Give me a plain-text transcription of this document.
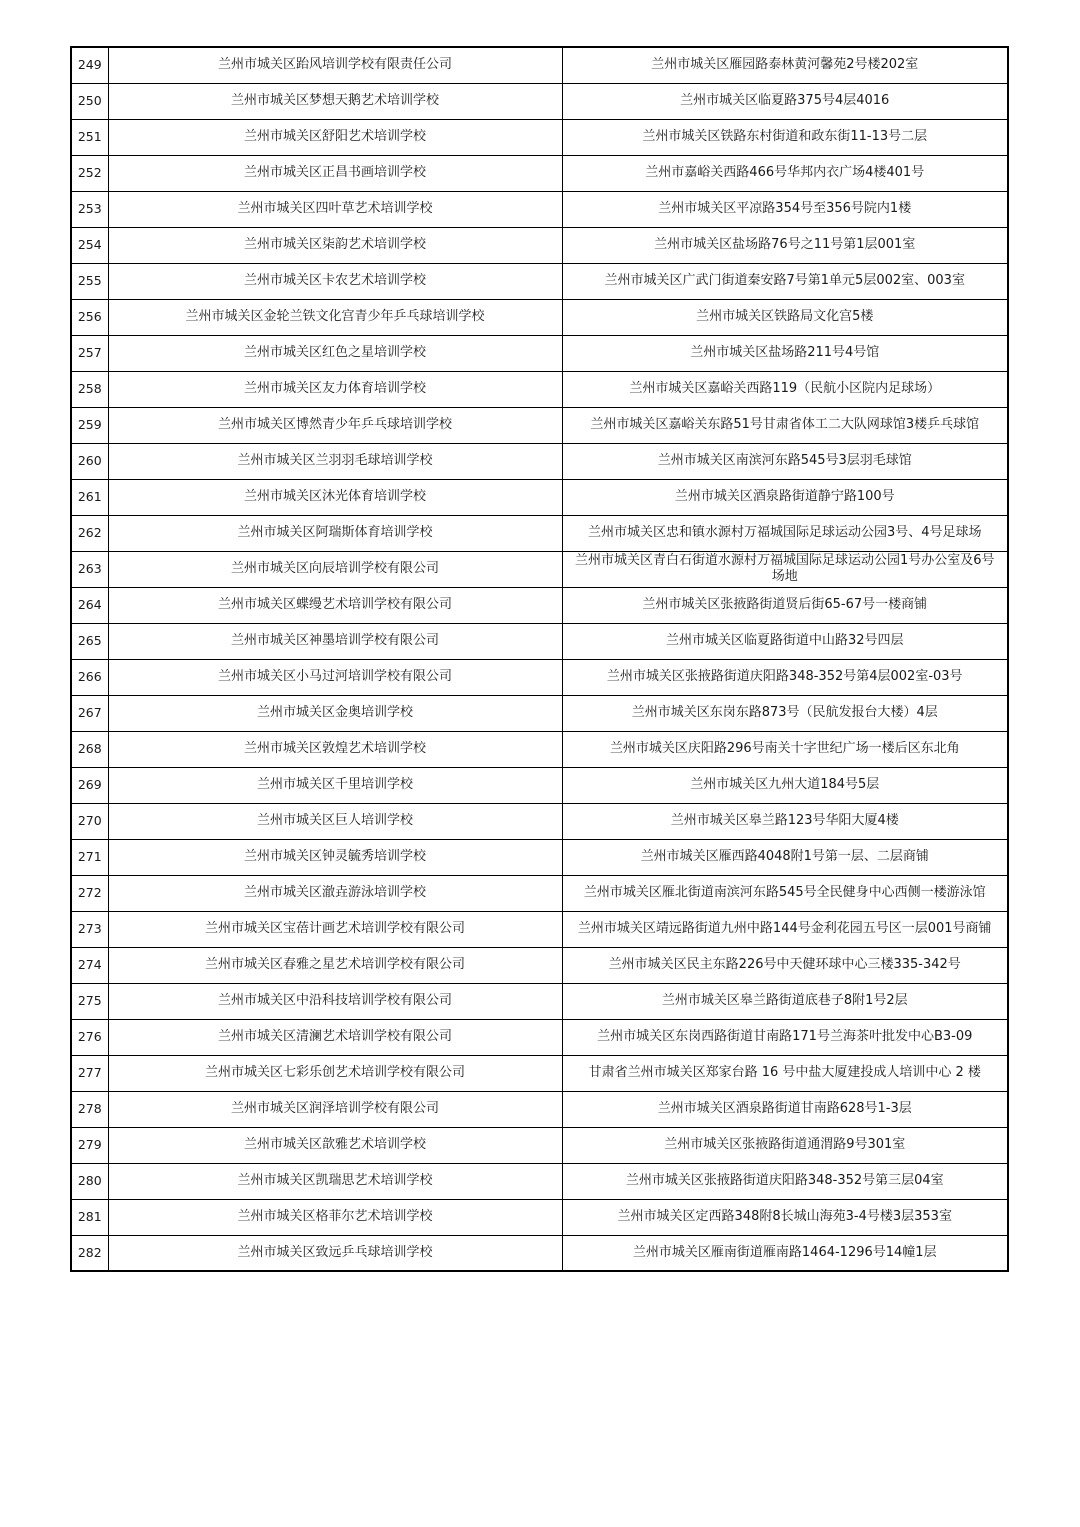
249	兰州市城关区跆风培训学校有限责任公司	兰州市城关区雁园路泰林黄河馨苑2号楼202室
250	兰州市城关区梦想天鹅艺术培训学校	兰州市城关区临夏路375号4层4016
251	兰州市城关区舒阳艺术培训学校	兰州市城关区铁路东村街道和政东街11-13号二层
252	兰州市城关区正昌书画培训学校	兰州市嘉峪关西路466号华邦内衣广场4楼401号
253	兰州市城关区四叶草艺术培训学校	兰州市城关区平凉路354号至356号院内1楼
254	兰州市城关区柒韵艺术培训学校	兰州市城关区盐场路76号之11号第1层001室
255	兰州市城关区卡农艺术培训学校	兰州市城关区广武门街道秦安路7号第1单元5层002室、003室
256	兰州市城关区金轮兰铁文化宫青少年乒乓球培训学校	兰州市城关区铁路局文化宫5楼
257	兰州市城关区红色之星培训学校	兰州市城关区盐场路211号4号馆
258	兰州市城关区友力体育培训学校	兰州市城关区嘉峪关西路119（民航小区院内足球场）
259	兰州市城关区博然青少年乒乓球培训学校	兰州市城关区嘉峪关东路51号甘肃省体工二大队网球馆3楼乒乓球馆
260	兰州市城关区兰羽羽毛球培训学校	兰州市城关区南滨河东路545号3层羽毛球馆
261	兰州市城关区沐光体育培训学校	兰州市城关区酒泉路街道静宁路100号
262	兰州市城关区阿瑞斯体育培训学校	兰州市城关区忠和镇水源村万福城国际足球运动公园3号、4号足球场
263	兰州市城关区向辰培训学校有限公司	兰州市城关区青白石街道水源村万福城国际足球运动公园1号办公室及6号场地
264	兰州市城关区蝶缦艺术培训学校有限公司	兰州市城关区张掖路街道贤后街65-67号一楼商铺
265	兰州市城关区神墨培训学校有限公司	兰州市城关区临夏路街道中山路32号四层
266	兰州市城关区小马过河培训学校有限公司	兰州市城关区张掖路街道庆阳路348-352号第4层002室-03号
267	兰州市城关区金奥培训学校	兰州市城关区东岗东路873号（民航发报台大楼）4层
268	兰州市城关区敦煌艺术培训学校	兰州市城关区庆阳路296号南关十字世纪广场一楼后区东北角
269	兰州市城关区千里培训学校	兰州市城关区九州大道184号5层
270	兰州市城关区巨人培训学校	兰州市城关区皋兰路123号华阳大厦4楼
271	兰州市城关区钟灵毓秀培训学校	兰州市城关区雁西路4048附1号第一层、二层商铺
272	兰州市城关区澈垚游泳培训学校	兰州市城关区雁北街道南滨河东路545号全民健身中心西侧一楼游泳馆
273	兰州市城关区宝蓓计画艺术培训学校有限公司	兰州市城关区靖远路街道九州中路144号金利花园五号区一层001号商铺
274	兰州市城关区春雅之星艺术培训学校有限公司	兰州市城关区民主东路226号中天健环球中心三楼335-342号
275	兰州市城关区中沿科技培训学校有限公司	兰州市城关区皋兰路街道底巷子8附1号2层
276	兰州市城关区清澜艺术培训学校有限公司	兰州市城关区东岗西路街道甘南路171号兰海茶叶批发中心B3-09
277	兰州市城关区七彩乐创艺术培训学校有限公司	甘肃省兰州市城关区郑家台路 16 号中盐大厦建投成人培训中心 2 楼
278	兰州市城关区润泽培训学校有限公司	兰州市城关区酒泉路街道甘南路628号1-3层
279	兰州市城关区歆雅艺术培训学校	兰州市城关区张掖路街道通渭路9号301室
280	兰州市城关区凯瑞思艺术培训学校	兰州市城关区张掖路街道庆阳路348-352号第三层04室
281	兰州市城关区格菲尔艺术培训学校	兰州市城关区定西路348附8长城山海苑3-4号楼3层353室
282	兰州市城关区致远乒乓球培训学校	兰州市城关区雁南街道雁南路1464-1296号14幢1层
